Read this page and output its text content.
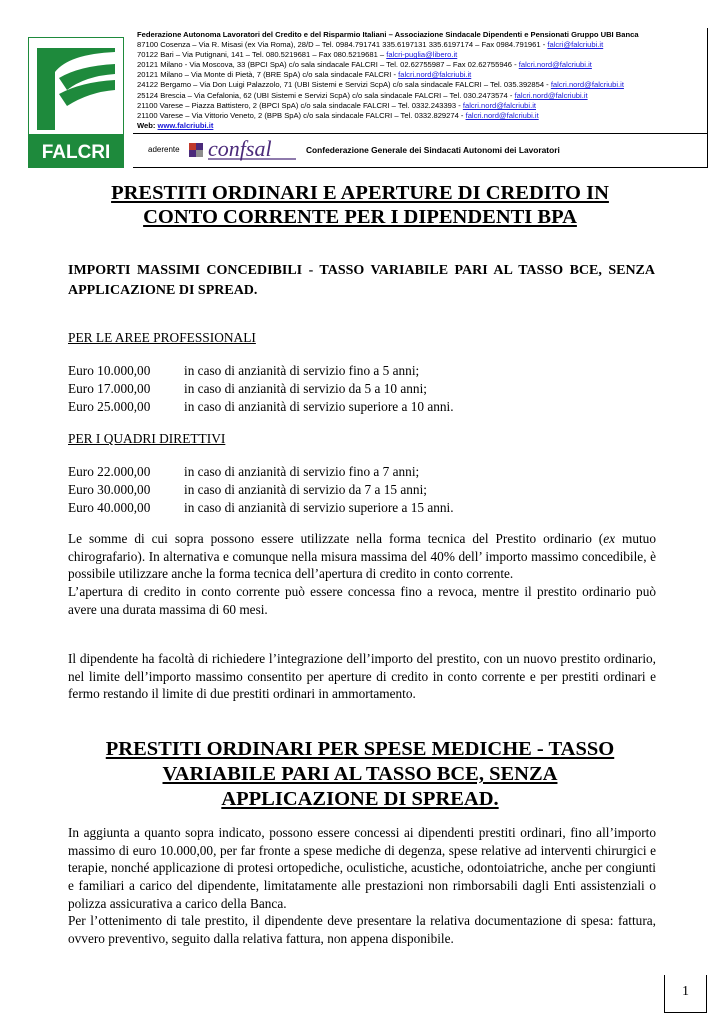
FALCRI
Federazione Autonoma Lavoratori del Credito e del Risparmio Italiani – Associazione Sindacale Dipendenti e Pensionati Gruppo UBI Banca
87100 Cosenza – Via R. Misasi (ex Via Roma), 28/D – Tel. 0984.791741 335.6197131 335.6197174 – Fax 0984.791961 - falcri@falcriubi.it
70122 Bari – Via Putignani, 141 – Tel. 080.5219681 – Fax 080.5219681 – falcri-puglia@libero.it
20121 Milano - Via Moscova, 33 (BPCI SpA) c/o sala sindacale FALCRI – Tel. 02.62755987 – Fax 02.62755946 - falcri.nord@falcriubi.it
20121 Milano – Via Monte di Pietà, 7 (BRE SpA) c/o sala sindacale FALCRI - falcri.nord@falcriubi.it
24122 Bergamo – Via Don Luigi Palazzolo, 71 (UBI Sistemi e Servizi ScpA) c/o sala sindacale FALCRI – Tel. 035.392854 - falcri.nord@falcriubi.it
25124 Brescia – Via Cefalonia, 62 (UBI Sistemi e Servizi ScpA) c/o sala sindacale FALCRI – Tel. 030.2473574 - falcri.nord@falcriubi.it
21100 Varese – Piazza Battistero, 2 (BPCI SpA) c/o sala sindacale FALCRI – Tel. 0332.243393 - falcri.nord@falcriubi.it
21100 Varese – Via Vittorio Veneto, 2 (BPB SpA) c/o sala sindacale FALCRI – Tel. 0332.829274 - falcri.nord@falcriubi.it
Web: www.falcriubi.it
aderente confsal	Confederazione Generale dei Sindacati Autonomi dei Lavoratori
PRESTITI ORDINARI E APERTURE DI CREDITO IN
CONTO CORRENTE PER I DIPENDENTI BPA
IMPORTI MASSIMI CONCEDIBILI - TASSO VARIABILE PARI AL TASSO BCE, SENZA APPLICAZIONE DI SPREAD.
PER LE AREE PROFESSIONALI
Euro 10.000,00	in caso di anzianità di servizio fino a 5 anni;
Euro 17.000,00	in caso di anzianità di servizio da 5 a 10 anni;
Euro 25.000,00	in caso di anzianità di servizio superiore a 10 anni.
PER I QUADRI DIRETTIVI
Euro 22.000,00	in caso di anzianità di servizio fino a 7 anni;
Euro 30.000,00	in caso di anzianità di servizio da 7 a 15 anni;
Euro 40.000,00	in caso di anzianità di servizio superiore a 15 anni.
Le somme di cui sopra possono essere utilizzate nella forma tecnica del Prestito ordinario (ex mutuo chirografario). In alternativa e comunque nella misura massima del 40% dell’ importo massimo concedibile, è possibile utilizzare anche la forma tecnica dell’apertura di credito in conto corrente.
L’apertura di credito in conto corrente può essere concessa fino a revoca, mentre il prestito ordinario può avere una durata massima di 60 mesi.
Il dipendente ha facoltà di richiedere l’integrazione dell’importo del prestito, con un nuovo prestito ordinario, nel limite dell’importo massimo consentito per aperture di credito in conto corrente e per prestiti ordinari e fermo restando il limite di due prestiti ordinari in ammortamento.
PRESTITI ORDINARI PER SPESE MEDICHE - TASSO
VARIABILE PARI AL TASSO BCE, SENZA
APPLICAZIONE DI SPREAD.
In aggiunta a quanto sopra indicato, possono essere concessi ai dipendenti prestiti ordinari, fino all’importo massimo di euro 10.000,00, per far fronte a spese mediche di degenza, spese relative ad interventi chirurgici e terapie, nonché applicazione di protesi ortopediche, oculistiche, acustiche, odontoiatriche, anche per congiunti e familiari a carico del dipendente, limitatamente alle prestazioni non rimborsabili dagli Enti assistenziali o polizza assicurativa a carico della Banca.
Per l’ottenimento di tale prestito, il dipendente deve presentare la relativa documentazione di spesa: fattura, ovvero preventivo, seguito dalla relativa fattura, non appena disponibile.
1
